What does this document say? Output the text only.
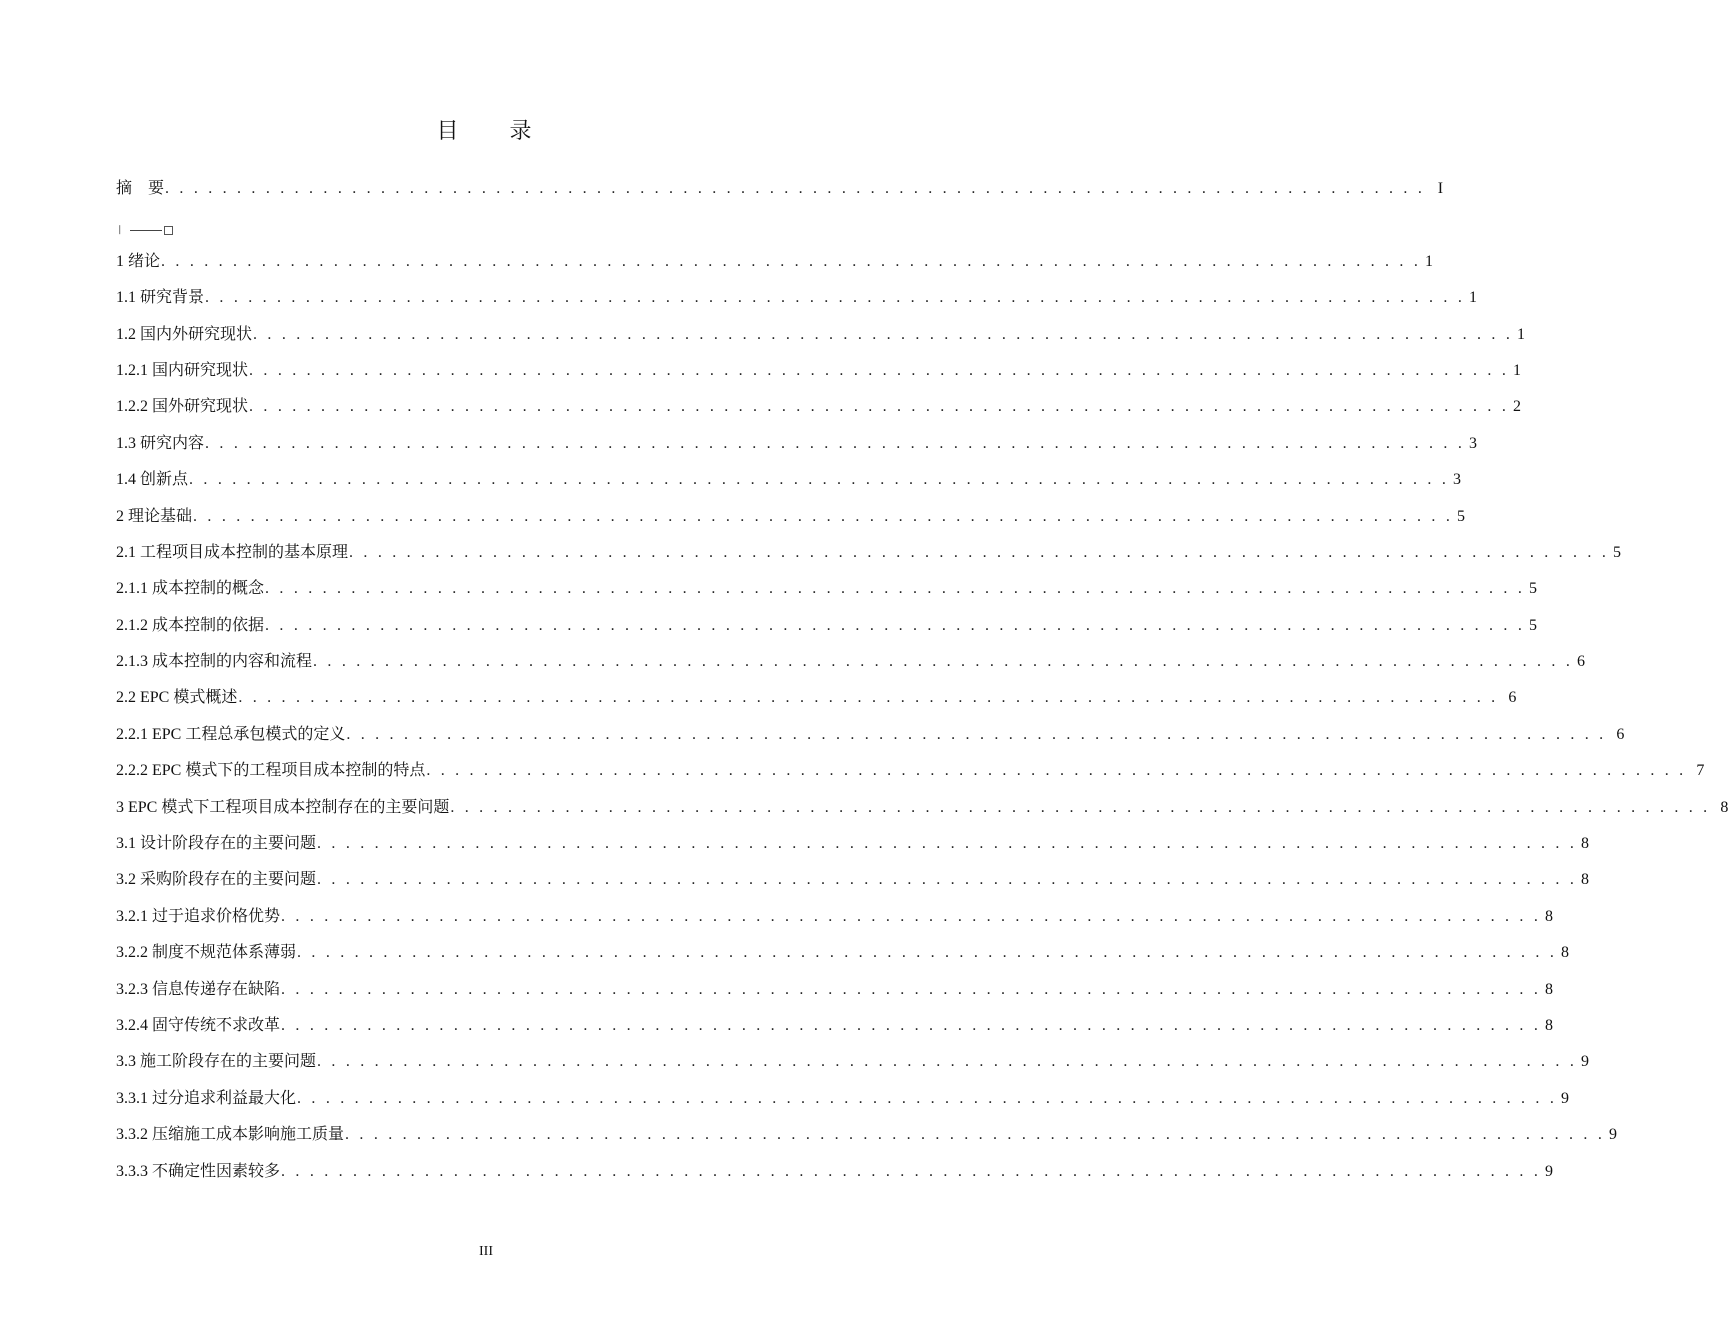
目 录
摘　要 . . . . . . . . . . . . . . . . . . . . . . . . . . . . . . . . . . . . . . . . . . . . . . . . . . . . . . . . . . . . . . . . . . . . . . . . . . . . . . . . . . . . . . . . I
❘
1 绪论 . . . . . . . . . . . . . . . . . . . . . . . . . . . . . . . . . . . . . . . . . . . . . . . . . . . . . . . . . . . . . . . . . . . . . . . . . . . . . . . . . . . . . . . . 1
1.1 研究背景 . . . . . . . . . . . . . . . . . . . . . . . . . . . . . . . . . . . . . . . . . . . . . . . . . . . . . . . . . . . . . . . . . . . . . . . . . . . . . . . . . . . . . . . . 1
1.2 国内外研究现状 . . . . . . . . . . . . . . . . . . . . . . . . . . . . . . . . . . . . . . . . . . . . . . . . . . . . . . . . . . . . . . . . . . . . . . . . . . . . . . . . . . . . . . . . 1
1.2.1 国内研究现状 . . . . . . . . . . . . . . . . . . . . . . . . . . . . . . . . . . . . . . . . . . . . . . . . . . . . . . . . . . . . . . . . . . . . . . . . . . . . . . . . . . . . . . . . 1
1.2.2 国外研究现状 . . . . . . . . . . . . . . . . . . . . . . . . . . . . . . . . . . . . . . . . . . . . . . . . . . . . . . . . . . . . . . . . . . . . . . . . . . . . . . . . . . . . . . . . 2
1.3 研究内容 . . . . . . . . . . . . . . . . . . . . . . . . . . . . . . . . . . . . . . . . . . . . . . . . . . . . . . . . . . . . . . . . . . . . . . . . . . . . . . . . . . . . . . . . 3
1.4 创新点 . . . . . . . . . . . . . . . . . . . . . . . . . . . . . . . . . . . . . . . . . . . . . . . . . . . . . . . . . . . . . . . . . . . . . . . . . . . . . . . . . . . . . . . . 3
2 理论基础 . . . . . . . . . . . . . . . . . . . . . . . . . . . . . . . . . . . . . . . . . . . . . . . . . . . . . . . . . . . . . . . . . . . . . . . . . . . . . . . . . . . . . . . . 5
2.1 工程项目成本控制的基本原理 . . . . . . . . . . . . . . . . . . . . . . . . . . . . . . . . . . . . . . . . . . . . . . . . . . . . . . . . . . . . . . . . . . . . . . . . . . . . . . . . . . . . . . . . 5
2.1.1 成本控制的概念 . . . . . . . . . . . . . . . . . . . . . . . . . . . . . . . . . . . . . . . . . . . . . . . . . . . . . . . . . . . . . . . . . . . . . . . . . . . . . . . . . . . . . . . . 5
2.1.2 成本控制的依据 . . . . . . . . . . . . . . . . . . . . . . . . . . . . . . . . . . . . . . . . . . . . . . . . . . . . . . . . . . . . . . . . . . . . . . . . . . . . . . . . . . . . . . . . 5
2.1.3 成本控制的内容和流程 . . . . . . . . . . . . . . . . . . . . . . . . . . . . . . . . . . . . . . . . . . . . . . . . . . . . . . . . . . . . . . . . . . . . . . . . . . . . . . . . . . . . . . . . 6
2.2 EPC 模式概述 . . . . . . . . . . . . . . . . . . . . . . . . . . . . . . . . . . . . . . . . . . . . . . . . . . . . . . . . . . . . . . . . . . . . . . . . . . . . . . . . . . . . . . . . 6
2.2.1 EPC 工程总承包模式的定义 . . . . . . . . . . . . . . . . . . . . . . . . . . . . . . . . . . . . . . . . . . . . . . . . . . . . . . . . . . . . . . . . . . . . . . . . . . . . . . . . . . . . . . . . 6
2.2.2 EPC 模式下的工程项目成本控制的特点 . . . . . . . . . . . . . . . . . . . . . . . . . . . . . . . . . . . . . . . . . . . . . . . . . . . . . . . . . . . . . . . . . . . . . . . . . . . . . . . . . . . . . . . . 7
3 EPC 模式下工程项目成本控制存在的主要问题 . . . . . . . . . . . . . . . . . . . . . . . . . . . . . . . . . . . . . . . . . . . . . . . . . . . . . . . . . . . . . . . . . . . . . . . . . . . . . . . . . . . . . . . . 8
3.1 设计阶段存在的主要问题 . . . . . . . . . . . . . . . . . . . . . . . . . . . . . . . . . . . . . . . . . . . . . . . . . . . . . . . . . . . . . . . . . . . . . . . . . . . . . . . . . . . . . . . . 8
3.2 采购阶段存在的主要问题 . . . . . . . . . . . . . . . . . . . . . . . . . . . . . . . . . . . . . . . . . . . . . . . . . . . . . . . . . . . . . . . . . . . . . . . . . . . . . . . . . . . . . . . . 8
3.2.1 过于追求价格优势 . . . . . . . . . . . . . . . . . . . . . . . . . . . . . . . . . . . . . . . . . . . . . . . . . . . . . . . . . . . . . . . . . . . . . . . . . . . . . . . . . . . . . . . . 8
3.2.2 制度不规范体系薄弱 . . . . . . . . . . . . . . . . . . . . . . . . . . . . . . . . . . . . . . . . . . . . . . . . . . . . . . . . . . . . . . . . . . . . . . . . . . . . . . . . . . . . . . . . 8
3.2.3 信息传递存在缺陷 . . . . . . . . . . . . . . . . . . . . . . . . . . . . . . . . . . . . . . . . . . . . . . . . . . . . . . . . . . . . . . . . . . . . . . . . . . . . . . . . . . . . . . . . 8
3.2.4 固守传统不求改革 . . . . . . . . . . . . . . . . . . . . . . . . . . . . . . . . . . . . . . . . . . . . . . . . . . . . . . . . . . . . . . . . . . . . . . . . . . . . . . . . . . . . . . . . 8
3.3 施工阶段存在的主要问题 . . . . . . . . . . . . . . . . . . . . . . . . . . . . . . . . . . . . . . . . . . . . . . . . . . . . . . . . . . . . . . . . . . . . . . . . . . . . . . . . . . . . . . . . 9
3.3.1 过分追求利益最大化 . . . . . . . . . . . . . . . . . . . . . . . . . . . . . . . . . . . . . . . . . . . . . . . . . . . . . . . . . . . . . . . . . . . . . . . . . . . . . . . . . . . . . . . . 9
3.3.2 压缩施工成本影响施工质量 . . . . . . . . . . . . . . . . . . . . . . . . . . . . . . . . . . . . . . . . . . . . . . . . . . . . . . . . . . . . . . . . . . . . . . . . . . . . . . . . . . . . . . . . 9
3.3.3 不确定性因素较多 . . . . . . . . . . . . . . . . . . . . . . . . . . . . . . . . . . . . . . . . . . . . . . . . . . . . . . . . . . . . . . . . . . . . . . . . . . . . . . . . . . . . . . . . 9
III
